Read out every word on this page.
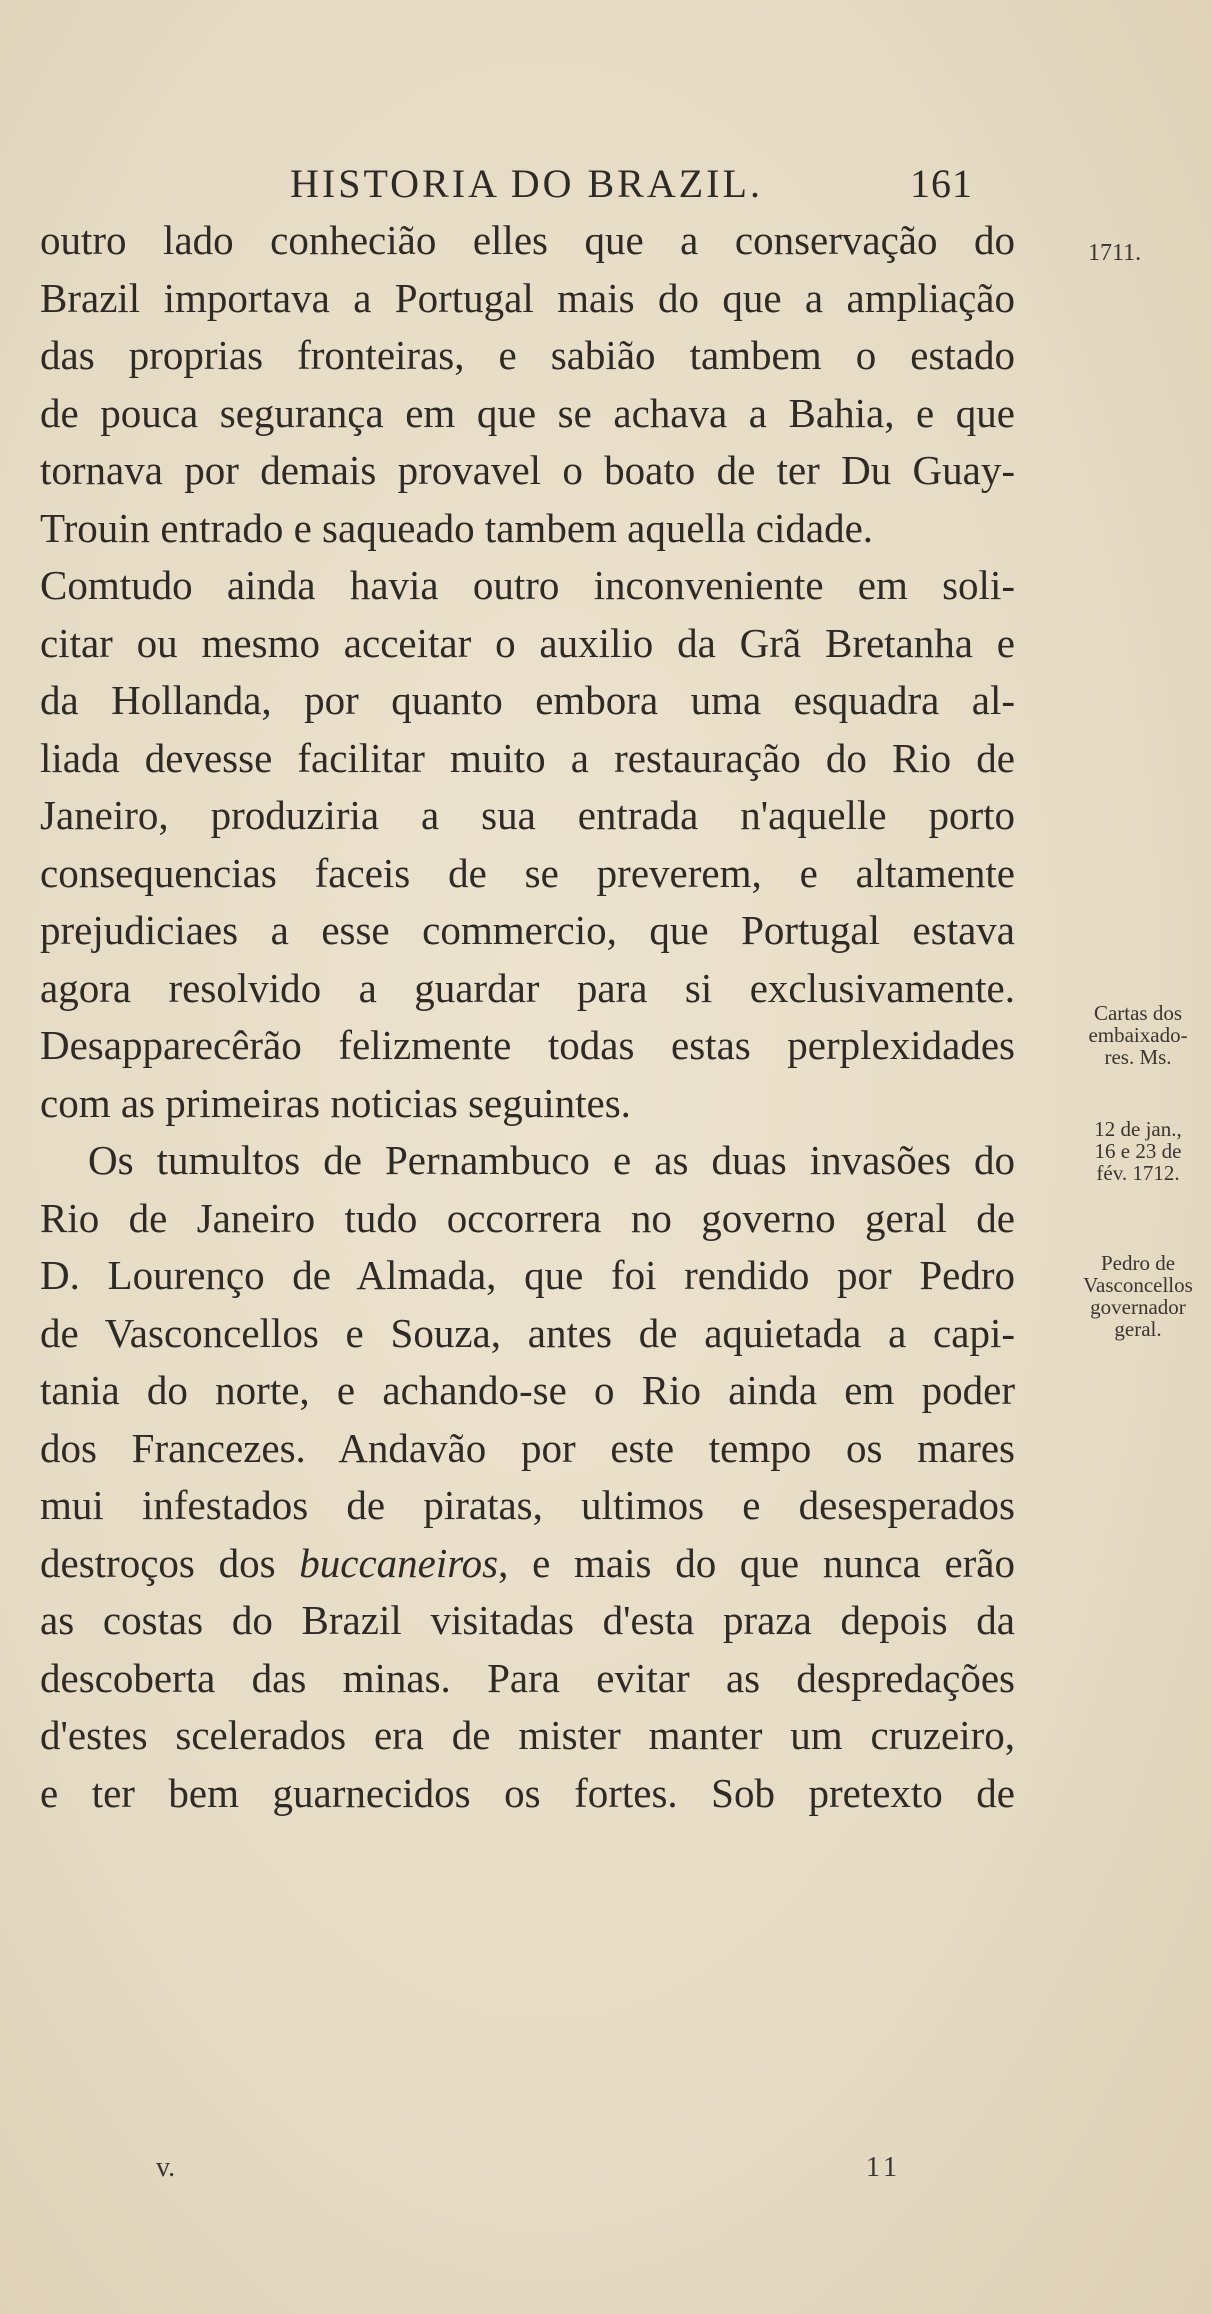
HISTORIA DO BRAZIL.	161
1711.
outro lado conhecião elles que a conservação do
Brazil importava a Portugal mais do que a ampliação
das proprias fronteiras, e sabião tambem o estado
de pouca segurança em que se achava a Bahia, e que
tornava por demais provavel o boato de ter Du Guay-
Trouin entrado e saqueado tambem aquella cidade.
Comtudo ainda havia outro inconveniente em soli-
citar ou mesmo acceitar o auxilio da Grã Bretanha e
da Hollanda, por quanto embora uma esquadra al-
liada devesse facilitar muito a restauração do Rio de
Janeiro, produziria a sua entrada n'aquelle porto
consequencias faceis de se preverem, e altamente
prejudiciaes a esse commercio, que Portugal estava
agora resolvido a guardar para si exclusivamente.
Desapparecêrão felizmente todas estas perplexidades
com as primeiras noticias seguintes.
Os tumultos de Pernambuco e as duas invasões do
Rio de Janeiro tudo occorrera no governo geral de
D. Lourenço de Almada, que foi rendido por Pedro
de Vasconcellos e Souza, antes de aquietada a capi-
tania do norte, e achando-se o Rio ainda em poder
dos Francezes. Andavão por este tempo os mares
mui infestados de piratas, ultimos e desesperados
destroços dos buccaneiros, e mais do que nunca erão
as costas do Brazil visitadas d'esta praza depois da
descoberta das minas. Para evitar as despredações
d'estes scelerados era de mister manter um cruzeiro,
e ter bem guarnecidos os fortes. Sob pretexto de
Cartas dos
embaixado-
res. Ms.
12 de jan.,
16 e 23 de
fév. 1712.
Pedro de
Vasconcellos
governador
geral.
v.	11
